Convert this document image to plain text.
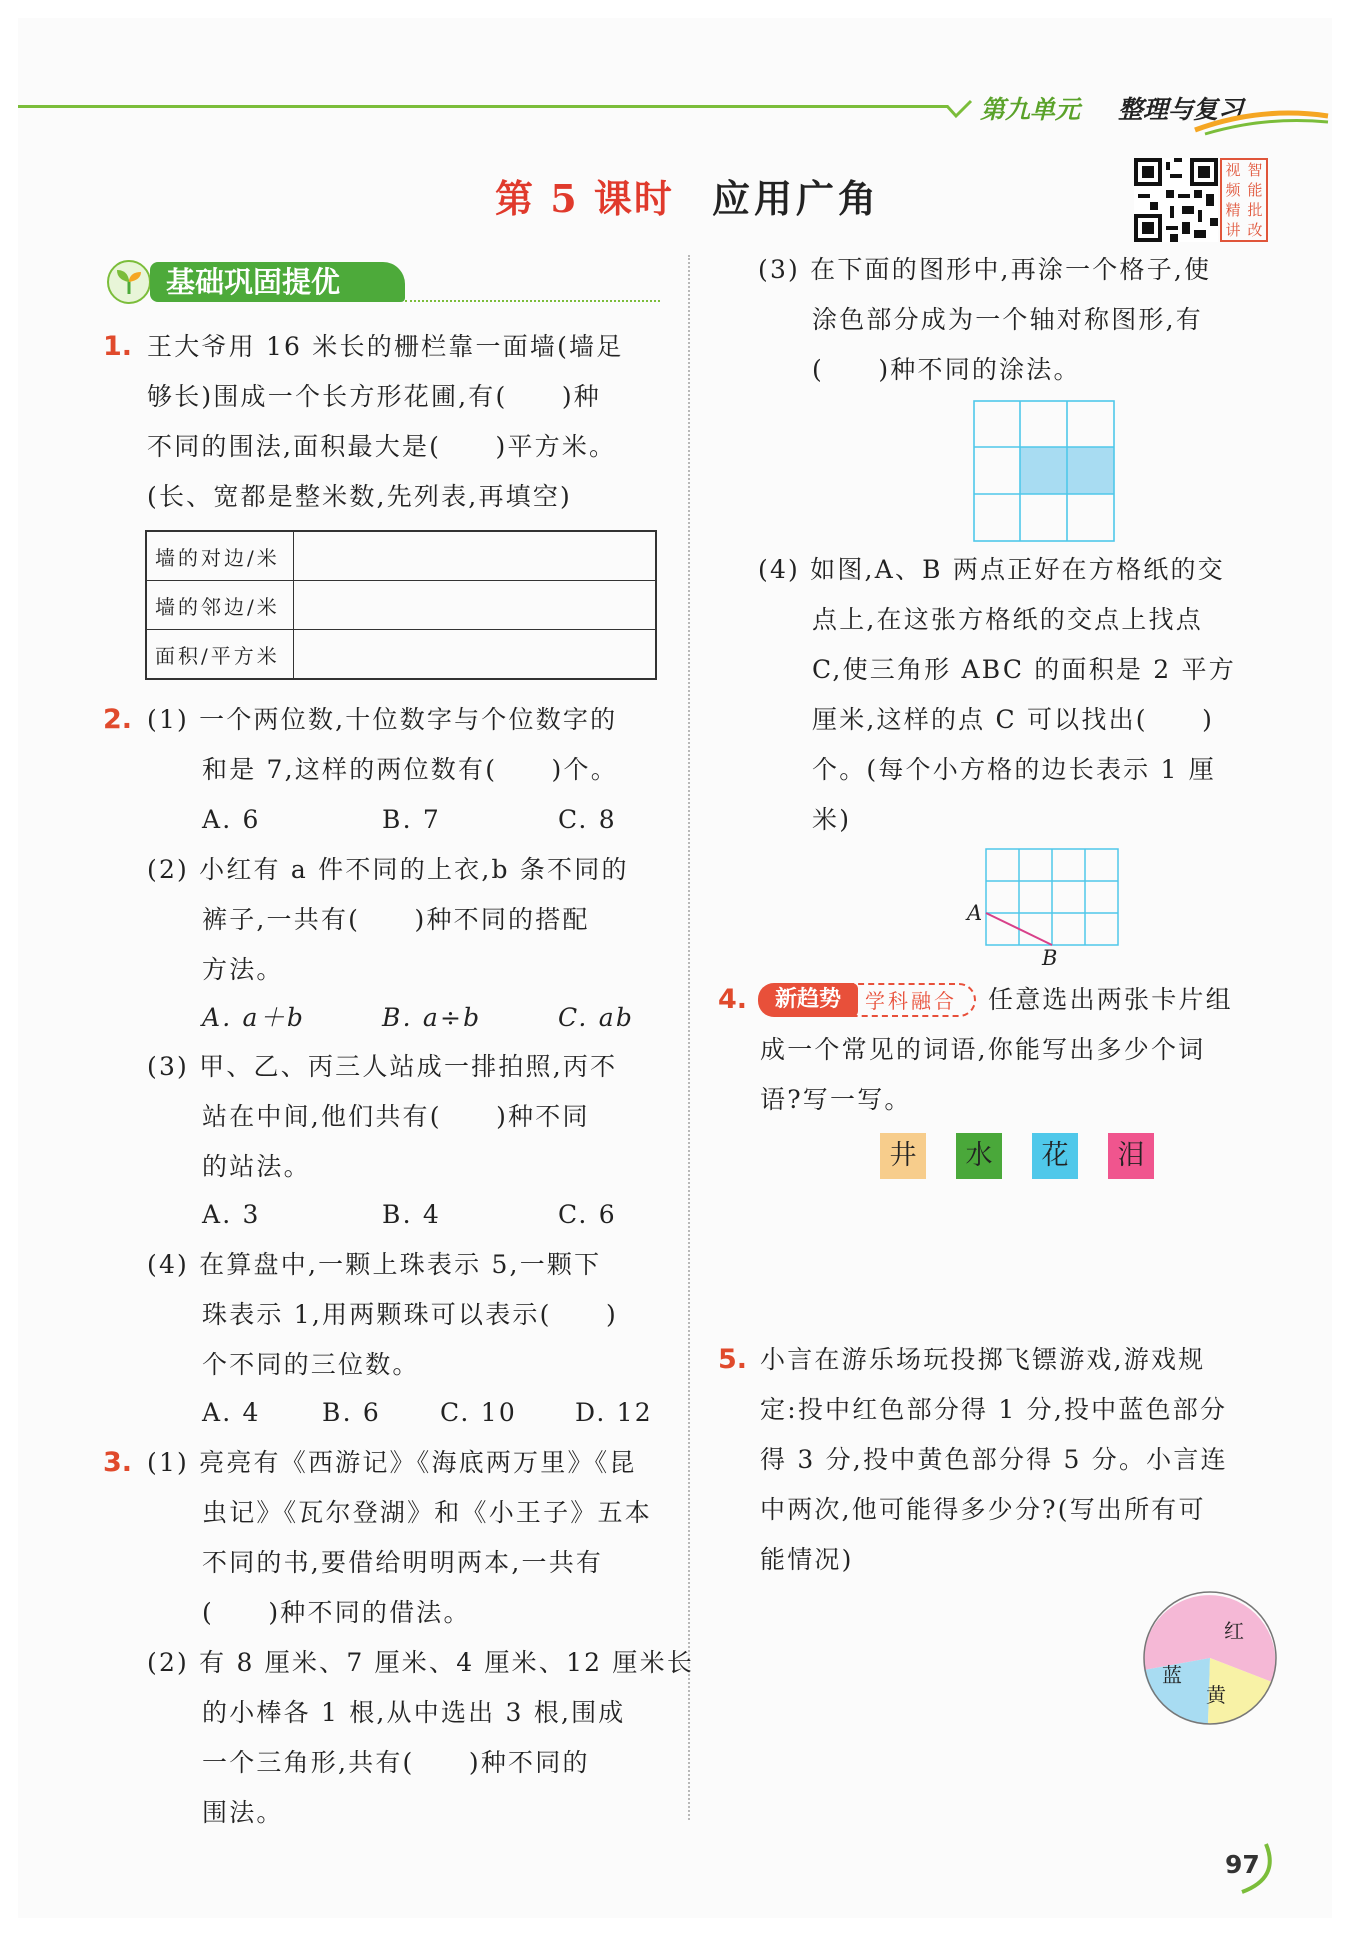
第九单元 整理与复习
第 5 课时 应用广角
视 智
频 能
精 批
讲 改
基础巩固提优
1. 王大爷用 16 米长的栅栏靠一面墙(墙足
够长)围成一个长方形花圃,有(　　)种
不同的围法,面积最大是(　　)平方米。
(长、宽都是整米数,先列表,再填空)
墙的对边/米	
墙的邻边/米	
面积/平方米	
2. (1) 一个两位数,十位数字与个位数字的
和是 7,这样的两位数有(　　)个。
A. 6	B. 7	C. 8
(2) 小红有 a 件不同的上衣,b 条不同的
裤子,一共有(　　)种不同的搭配
方法。
A. a＋b	B. a÷b	C. ab
(3) 甲、乙、丙三人站成一排拍照,丙不
站在中间,他们共有(　　)种不同
的站法。
A. 3	B. 4	C. 6
(4) 在算盘中,一颗上珠表示 5,一颗下
珠表示 1,用两颗珠可以表示(　　)
个不同的三位数。
A. 4 B. 6 C. 10 D. 12
3. (1) 亮亮有《西游记》《海底两万里》《昆
虫记》《瓦尔登湖》和《小王子》五本
不同的书,要借给明明两本,一共有
(　　)种不同的借法。
(2) 有 8 厘米、7 厘米、4 厘米、12 厘米长
的小棒各 1 根,从中选出 3 根,围成
一个三角形,共有(　　)种不同的
围法。
(3) 在下面的图形中,再涂一个格子,使
涂色部分成为一个轴对称图形,有
(　　)种不同的涂法。
(4) 如图,A、B 两点正好在方格纸的交
点上,在这张方格纸的交点上找点
C,使三角形 ABC 的面积是 2 平方
厘米,这样的点 C 可以找出(　　)
个。(每个小方格的边长表示 1 厘
米)
A
B
4.	新趋势	学科融合	任意选出两张卡片组
成一个常见的词语,你能写出多少个词
语?写一写。
井	水	花	泪
5. 小言在游乐场玩投掷飞镖游戏,游戏规
定:投中红色部分得 1 分,投中蓝色部分
得 3 分,投中黄色部分得 5 分。小言连
中两次,他可能得多少分?(写出所有可
能情况)
红
蓝
黄
97
